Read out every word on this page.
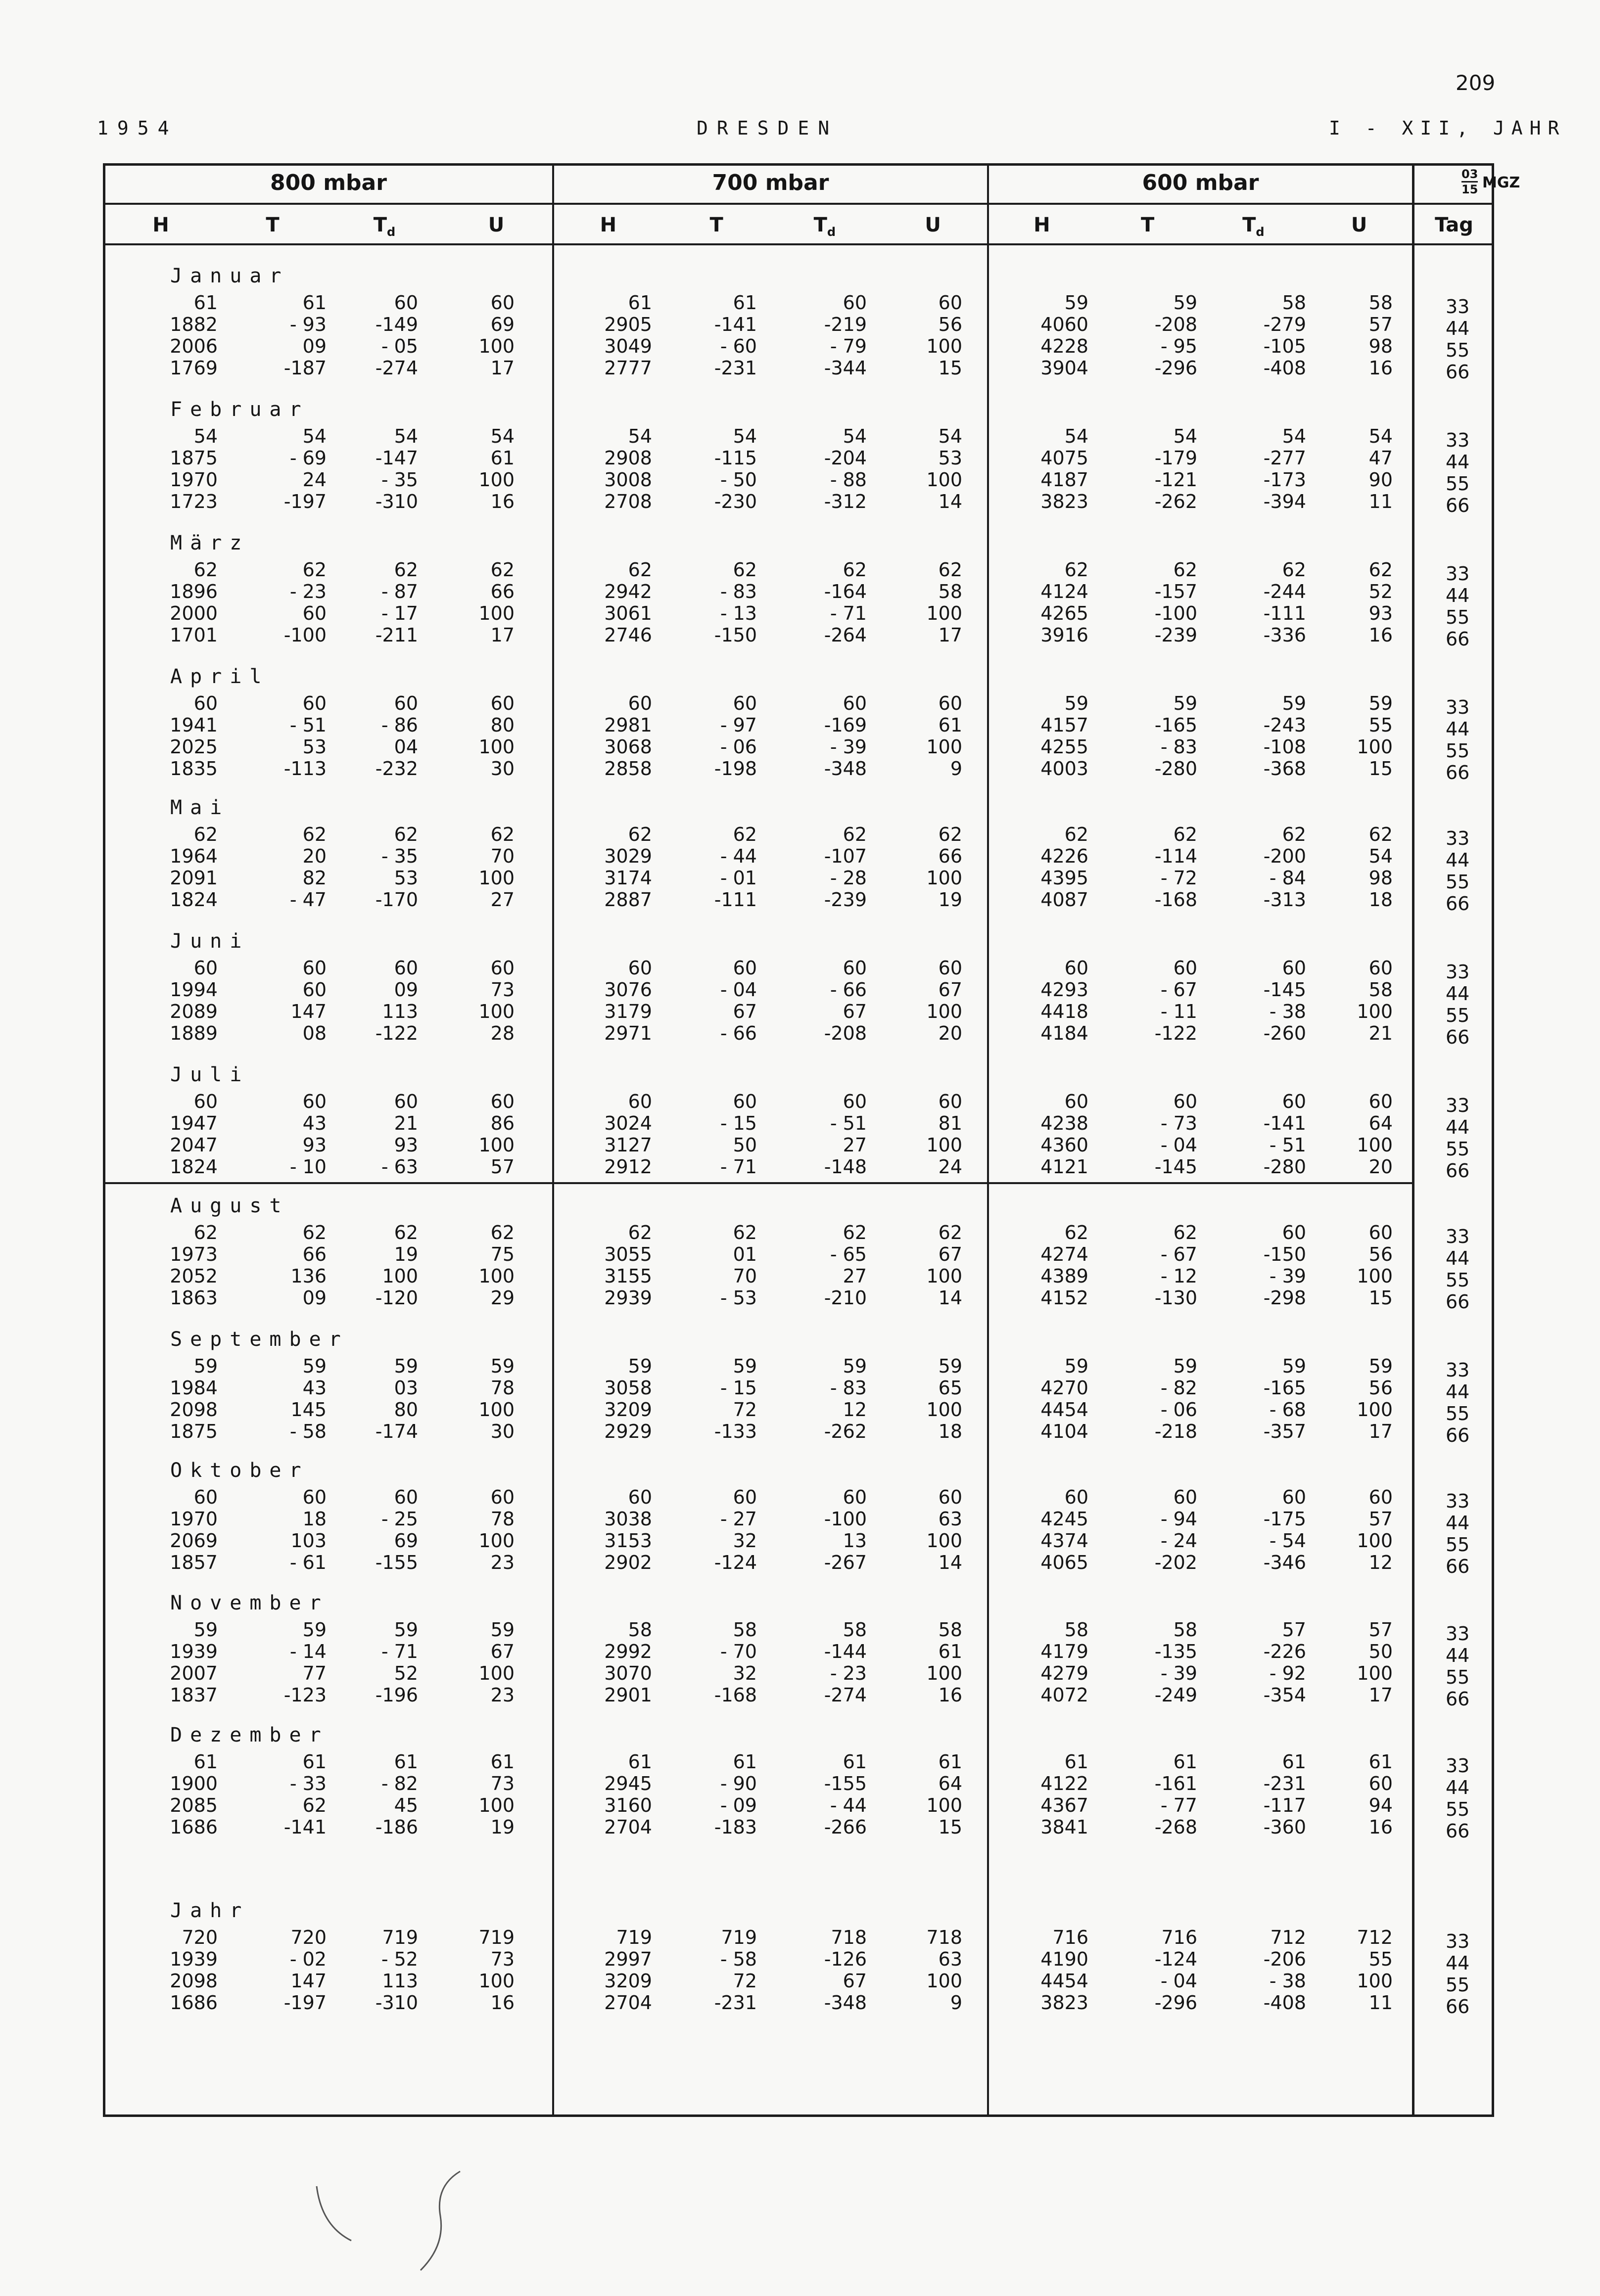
209
1954	DRESDEN	I - XII, JAHR
800 mbar	700 mbar	600 mbar	$\frac{03}{15}$ MGZ
Tag
H	T	$T_d$	U	H	T	$T_d$	U	H	T	$T_d$	U
Januar
61	61	60	60	61	61	60	60	59	59	58	58	33
1882	- 93	-149	69	2905	-141	-219	56	4060	-208	-279	57	44
2006	09	- 05	100	3049	- 60	- 79	100	4228	- 95	-105	98	55
1769	-187	-274	17	2777	-231	-344	15	3904	-296	-408	16	66
Februar
54	54	54	54	54	54	54	54	54	54	54	54	33
1875	- 69	-147	61	2908	-115	-204	53	4075	-179	-277	47	44
1970	24	- 35	100	3008	- 50	- 88	100	4187	-121	-173	90	55
1723	-197	-310	16	2708	-230	-312	14	3823	-262	-394	11	66
März
62	62	62	62	62	62	62	62	62	62	62	62	33
1896	- 23	- 87	66	2942	- 83	-164	58	4124	-157	-244	52	44
2000	60	- 17	100	3061	- 13	- 71	100	4265	-100	-111	93	55
1701	-100	-211	17	2746	-150	-264	17	3916	-239	-336	16	66
April
60	60	60	60	60	60	60	60	59	59	59	59	33
1941	- 51	- 86	80	2981	- 97	-169	61	4157	-165	-243	55	44
2025	53	04	100	3068	- 06	- 39	100	4255	- 83	-108	100	55
1835	-113	-232	30	2858	-198	-348	9	4003	-280	-368	15	66
Mai
62	62	62	62	62	62	62	62	62	62	62	62	33
1964	20	- 35	70	3029	- 44	-107	66	4226	-114	-200	54	44
2091	82	53	100	3174	- 01	- 28	100	4395	- 72	- 84	98	55
1824	- 47	-170	27	2887	-111	-239	19	4087	-168	-313	18	66
Juni
60	60	60	60	60	60	60	60	60	60	60	60	33
1994	60	09	73	3076	- 04	- 66	67	4293	- 67	-145	58	44
2089	147	113	100	3179	67	67	100	4418	- 11	- 38	100	55
1889	08	-122	28	2971	- 66	-208	20	4184	-122	-260	21	66
Juli
60	60	60	60	60	60	60	60	60	60	60	60	33
1947	43	21	86	3024	- 15	- 51	81	4238	- 73	-141	64	44
2047	93	93	100	3127	50	27	100	4360	- 04	- 51	100	55
1824	- 10	- 63	57	2912	- 71	-148	24	4121	-145	-280	20	66
August
62	62	62	62	62	62	62	62	62	62	60	60	33
1973	66	19	75	3055	01	- 65	67	4274	- 67	-150	56	44
2052	136	100	100	3155	70	27	100	4389	- 12	- 39	100	55
1863	09	-120	29	2939	- 53	-210	14	4152	-130	-298	15	66
September
59	59	59	59	59	59	59	59	59	59	59	59	33
1984	43	03	78	3058	- 15	- 83	65	4270	- 82	-165	56	44
2098	145	80	100	3209	72	12	100	4454	- 06	- 68	100	55
1875	- 58	-174	30	2929	-133	-262	18	4104	-218	-357	17	66
Oktober
60	60	60	60	60	60	60	60	60	60	60	60	33
1970	18	- 25	78	3038	- 27	-100	63	4245	- 94	-175	57	44
2069	103	69	100	3153	32	13	100	4374	- 24	- 54	100	55
1857	- 61	-155	23	2902	-124	-267	14	4065	-202	-346	12	66
November
59	59	59	59	58	58	58	58	58	58	57	57	33
1939	- 14	- 71	67	2992	- 70	-144	61	4179	-135	-226	50	44
2007	77	52	100	3070	32	- 23	100	4279	- 39	- 92	100	55
1837	-123	-196	23	2901	-168	-274	16	4072	-249	-354	17	66
Dezember
61	61	61	61	61	61	61	61	61	61	61	61	33
1900	- 33	- 82	73	2945	- 90	-155	64	4122	-161	-231	60	44
2085	62	45	100	3160	- 09	- 44	100	4367	- 77	-117	94	55
1686	-141	-186	19	2704	-183	-266	15	3841	-268	-360	16	66
Jahr
720	720	719	719	719	719	718	718	716	716	712	712	33
1939	- 02	- 52	73	2997	- 58	-126	63	4190	-124	-206	55	44
2098	147	113	100	3209	72	67	100	4454	- 04	- 38	100	55
1686	-197	-310	16	2704	-231	-348	9	3823	-296	-408	11	66
